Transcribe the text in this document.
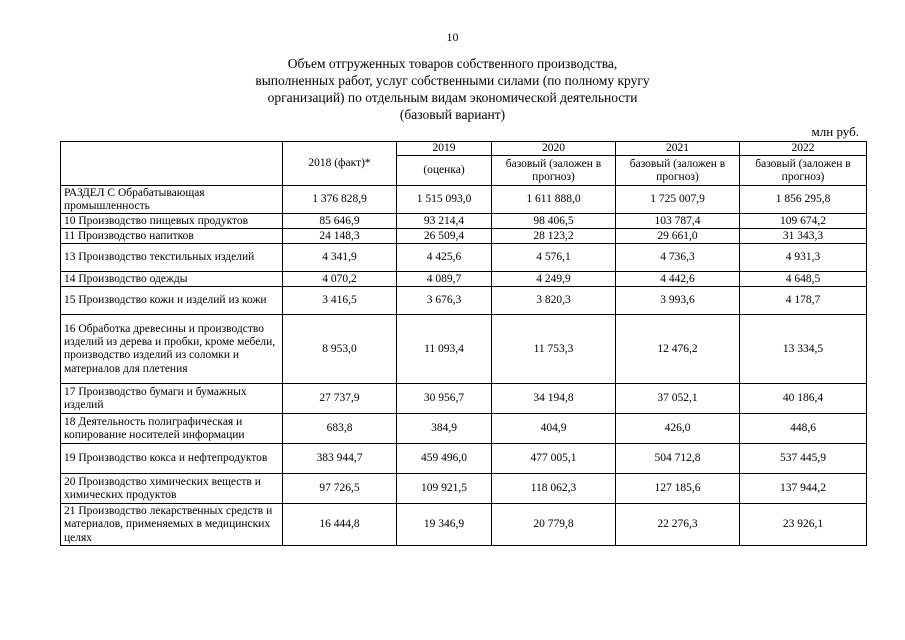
10
Объем отгруженных товаров собственного производства,
выполненных работ, услуг собственными силами (по полному кругу
организаций) по отдельным видам экономической деятельности
(базовый вариант)
млн руб.
	2018 (факт)*	2019	2020	2021	2022
		(оценка)	базовый (заложен в прогноз)	базовый (заложен в прогноз)	базовый (заложен в прогноз)
РАЗДЕЛ С Обрабатывающая промышленность	1 376 828,9	1 515 093,0	1 611 888,0	1 725 007,9	1 856 295,8
10 Производство пищевых продуктов	85 646,9	93 214,4	98 406,5	103 787,4	109 674,2
11 Производство напитков	24 148,3	26 509,4	28 123,2	29 661,0	31 343,3
13 Производство текстильных изделий	4 341,9	4 425,6	4 576,1	4 736,3	4 931,3
14 Производство одежды	4 070,2	4 089,7	4 249,9	4 442,6	4 648,5
15 Производство кожи и изделий из кожи	3 416,5	3 676,3	3 820,3	3 993,6	4 178,7
16 Обработка древесины и производство изделий из дерева и пробки, кроме мебели, производство изделий из соломки и материалов для плетения	8 953,0	11 093,4	11 753,3	12 476,2	13 334,5
17 Производство бумаги и бумажных изделий	27 737,9	30 956,7	34 194,8	37 052,1	40 186,4
18 Деятельность полиграфическая и копирование носителей информации	683,8	384,9	404,9	426,0	448,6
19 Производство кокса и нефтепродуктов	383 944,7	459 496,0	477 005,1	504 712,8	537 445,9
20 Производство химических веществ и химических продуктов	97 726,5	109 921,5	118 062,3	127 185,6	137 944,2
21 Производство лекарственных средств и материалов, применяемых в медицинских целях	16 444,8	19 346,9	20 779,8	22 276,3	23 926,1
